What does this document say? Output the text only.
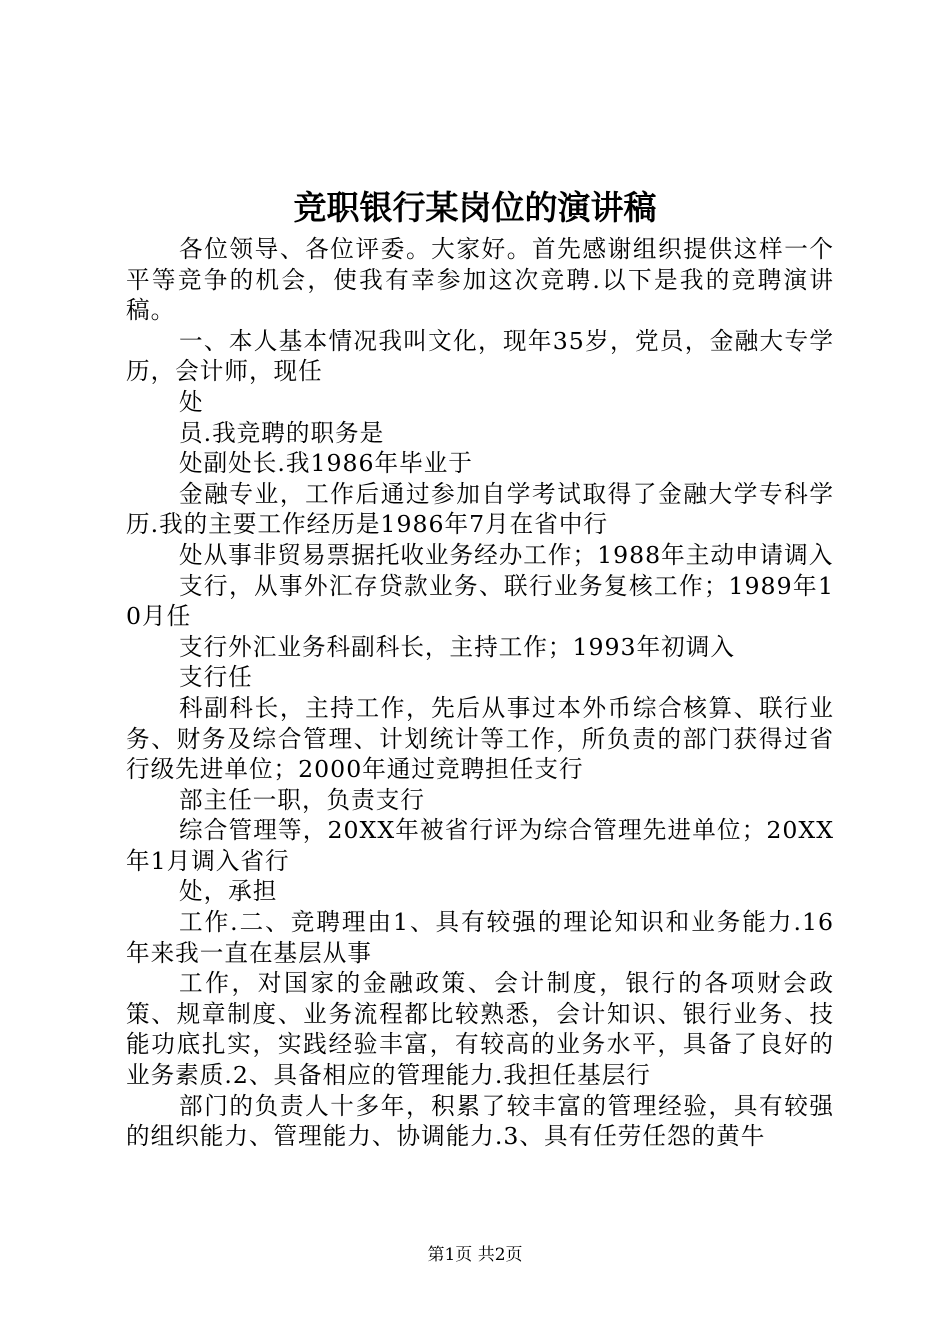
竞职银行某岗位的演讲稿

各位领导、各位评委。大家好。首先感谢组织提供这样一个平等竞争的机会，使我有幸参加这次竞聘.以下是我的竞聘演讲稿。

一、本人基本情况我叫文化，现年35岁，党员，金融大专学历，会计师，现任

处

员.我竞聘的职务是

处副处长.我1986年毕业于

金融专业，工作后通过参加自学考试取得了金融大学专科学历.我的主要工作经历是1986年7月在省中行

处从事非贸易票据托收业务经办工作；1988年主动申请调入

支行，从事外汇存贷款业务、联行业务复核工作；1989年10月任

支行外汇业务科副科长，主持工作；1993年初调入

支行任

科副科长，主持工作，先后从事过本外币综合核算、联行业务、财务及综合管理、计划统计等工作，所负责的部门获得过省行级先进单位；2000年通过竞聘担任支行

部主任一职，负责支行

综合管理等，20XX年被省行评为综合管理先进单位；20XX年1月调入省行

处，承担

工作.二、竞聘理由1、具有较强的理论知识和业务能力.16年来我一直在基层从事

工作，对国家的金融政策、会计制度，银行的各项财会政策、规章制度、业务流程都比较熟悉，会计知识、银行业务、技能功底扎实，实践经验丰富，有较高的业务水平，具备了良好的业务素质.2、具备相应的管理能力.我担任基层行

部门的负责人十多年，积累了较丰富的管理经验，具有较强的组织能力、管理能力、协调能力.3、具有任劳任怨的黄牛

第1页 共2页
